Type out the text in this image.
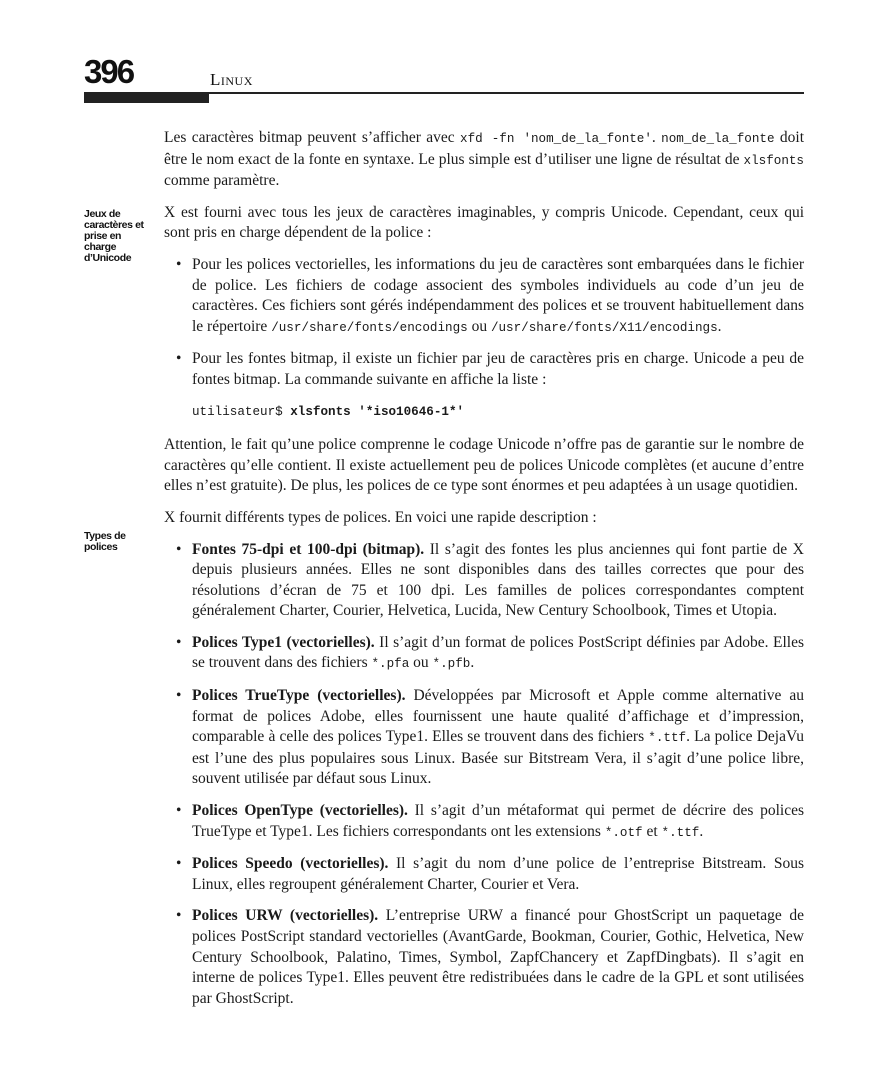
396	Linux
Jeux de caractères et prise en charge d’Unicode
Types de polices

Les caractères bitmap peuvent s’afficher avec xfd -fn 'nom_de_la_fonte'. nom_de_la_fonte doit être le nom exact de la fonte en syntaxe. Le plus simple est d’utiliser une ligne de résultat de xlsfonts comme paramètre.

X est fourni avec tous les jeux de caractères imaginables, y compris Unicode. Cependant, ceux qui sont pris en charge dépendent de la police :

• Pour les polices vectorielles, les informations du jeu de caractères sont embarquées dans le fichier de police. Les fichiers de codage associent des symboles individuels au code d’un jeu de caractères. Ces fichiers sont gérés indépendamment des polices et se trouvent habituellement dans le répertoire /usr/share/fonts/encodings ou /usr/share/fonts/X11/encodings.
• Pour les fontes bitmap, il existe un fichier par jeu de caractères pris en charge. Unicode a peu de fontes bitmap. La commande suivante en affiche la liste :
utilisateur$ xlsfonts '*iso10646-1*'

Attention, le fait qu’une police comprenne le codage Unicode n’offre pas de garantie sur le nombre de caractères qu’elle contient. Il existe actuellement peu de polices Unicode complètes (et aucune d’entre elles n’est gratuite). De plus, les polices de ce type sont énormes et peu adaptées à un usage quotidien.

X fournit différents types de polices. En voici une rapide description :

• Fontes 75-dpi et 100-dpi (bitmap). Il s’agit des fontes les plus anciennes qui font partie de X depuis plusieurs années. Elles ne sont disponibles dans des tailles correctes que pour des résolutions d’écran de 75 et 100 dpi. Les familles de polices correspondantes comptent généralement Charter, Courier, Helvetica, Lucida, New Century Schoolbook, Times et Utopia.
• Polices Type1 (vectorielles). Il s’agit d’un format de polices PostScript définies par Adobe. Elles se trouvent dans des fichiers *.pfa ou *.pfb.
• Polices TrueType (vectorielles). Développées par Microsoft et Apple comme alternative au format de polices Adobe, elles fournissent une haute qualité d’affichage et d’impression, comparable à celle des polices Type1. Elles se trouvent dans des fichiers *.ttf. La police DejaVu est l’une des plus populaires sous Linux. Basée sur Bitstream Vera, il s’agit d’une police libre, souvent utilisée par défaut sous Linux.
• Polices OpenType (vectorielles). Il s’agit d’un métaformat qui permet de décrire des polices TrueType et Type1. Les fichiers correspondants ont les extensions *.otf et *.ttf.
• Polices Speedo (vectorielles). Il s’agit du nom d’une police de l’entreprise Bitstream. Sous Linux, elles regroupent généralement Charter, Courier et Vera.
• Polices URW (vectorielles). L’entreprise URW a financé pour GhostScript un paquetage de polices PostScript standard vectorielles (AvantGarde, Bookman, Courier, Gothic, Helvetica, New Century Schoolbook, Palatino, Times, Symbol, ZapfChancery et ZapfDingbats). Il s’agit en interne de polices Type1. Elles peuvent être redistribuées dans le cadre de la GPL et sont utilisées par GhostScript.
